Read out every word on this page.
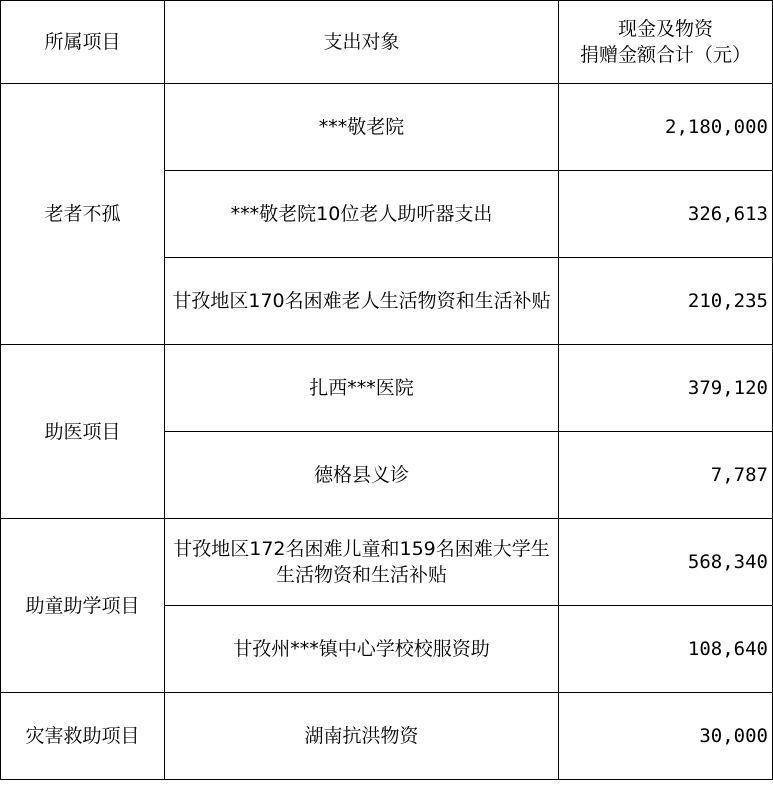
所属项目	支出对象	现金及物资
捐赠金额合计（元）

老者不孤	***敬老院	2,180,000
	***敬老院10位老人助听器支出	326,613
	甘孜地区170名困难老人生活物资和生活补贴	210,235
助医项目	扎西***医院	379,120
	德格县义诊	7,787
助童助学项目	甘孜地区172名困难儿童和159名困难大学生生活物资和生活补贴	568,340
	甘孜州***镇中心学校校服资助	108,640
灾害救助项目	湖南抗洪物资	30,000
